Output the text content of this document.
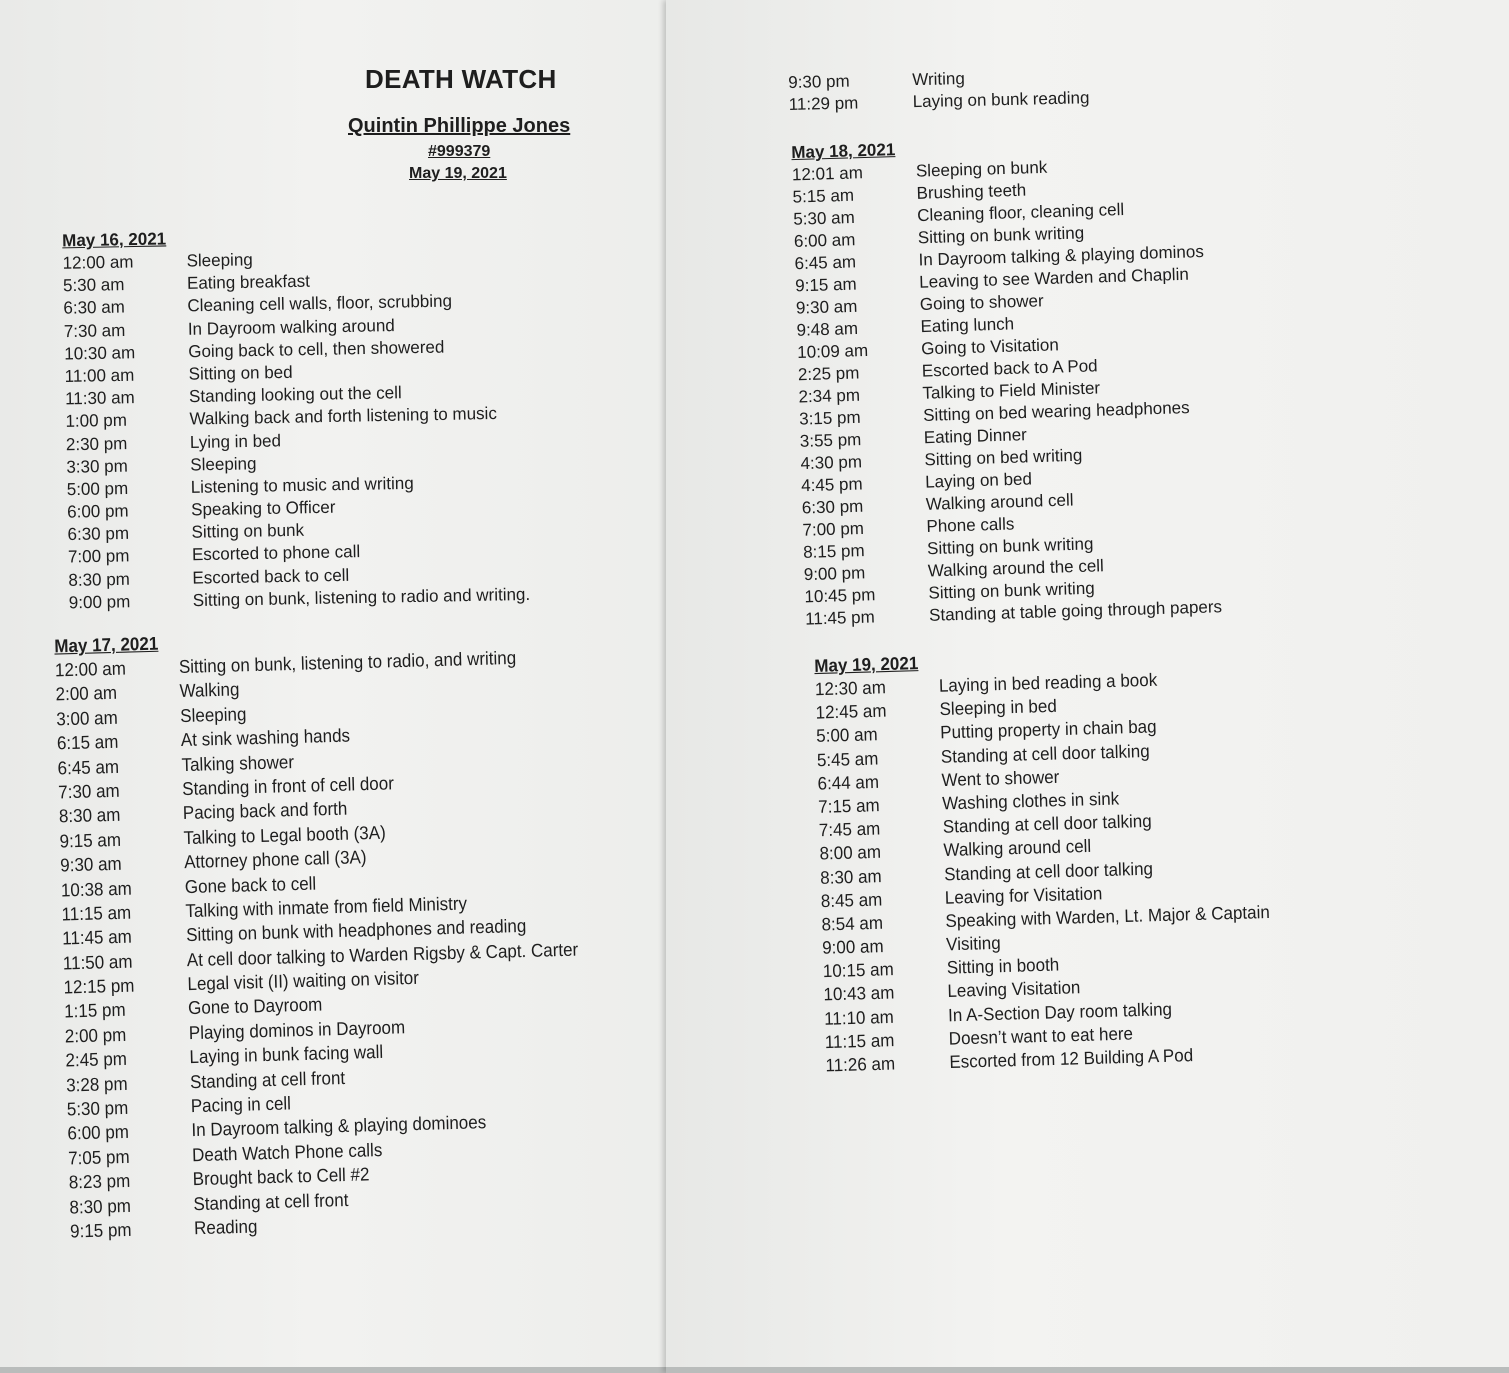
DEATH WATCH
Quintin Phillippe Jones
#999379
May 19, 2021
May 16, 2021
12:00 am	Sleeping
5:30 am	Eating breakfast
6:30 am	Cleaning cell walls, floor, scrubbing
7:30 am	In Dayroom walking around
10:30 am	Going back to cell, then showered
11:00 am	Sitting on bed
11:30 am	Standing looking out the cell
1:00 pm	Walking back and forth listening to music
2:30 pm	Lying in bed
3:30 pm	Sleeping
5:00 pm	Listening to music and writing
6:00 pm	Speaking to Officer
6:30 pm	Sitting on bunk
7:00 pm	Escorted to phone call
8:30 pm	Escorted back to cell
9:00 pm	Sitting on bunk, listening to radio and writing.
May 17, 2021
12:00 am	Sitting on bunk, listening to radio, and writing
2:00 am	Walking
3:00 am	Sleeping
6:15 am	At sink washing hands
6:45 am	Talking shower
7:30 am	Standing in front of cell door
8:30 am	Pacing back and forth
9:15 am	Talking to Legal booth (3A)
9:30 am	Attorney phone call (3A)
10:38 am	Gone back to cell
11:15 am	Talking with inmate from field Ministry
11:45 am	Sitting on bunk with headphones and reading
11:50 am	At cell door talking to Warden Rigsby & Capt. Carter
12:15 pm	Legal visit (II) waiting on visitor
1:15 pm	Gone to Dayroom
2:00 pm	Playing dominos in Dayroom
2:45 pm	Laying in bunk facing wall
3:28 pm	Standing at cell front
5:30 pm	Pacing in cell
6:00 pm	In Dayroom talking & playing dominoes
7:05 pm	Death Watch Phone calls
8:23 pm	Brought back to Cell #2
8:30 pm	Standing at cell front
9:15 pm	Reading
9:30 pm	Writing
11:29 pm	Laying on bunk reading
May 18, 2021
12:01 am	Sleeping on bunk
5:15 am	Brushing teeth
5:30 am	Cleaning floor, cleaning cell
6:00 am	Sitting on bunk writing
6:45 am	In Dayroom talking & playing dominos
9:15 am	Leaving to see Warden and Chaplin
9:30 am	Going to shower
9:48 am	Eating lunch
10:09 am	Going to Visitation
2:25 pm	Escorted back to A Pod
2:34 pm	Talking to Field Minister
3:15 pm	Sitting on bed wearing headphones
3:55 pm	Eating Dinner
4:30 pm	Sitting on bed writing
4:45 pm	Laying on bed
6:30 pm	Walking around cell
7:00 pm	Phone calls
8:15 pm	Sitting on bunk writing
9:00 pm	Walking around the cell
10:45 pm	Sitting on bunk writing
11:45 pm	Standing at table going through papers
May 19, 2021
12:30 am	Laying in bed reading a book
12:45 am	Sleeping in bed
5:00 am	Putting property in chain bag
5:45 am	Standing at cell door talking
6:44 am	Went to shower
7:15 am	Washing clothes in sink
7:45 am	Standing at cell door talking
8:00 am	Walking around cell
8:30 am	Standing at cell door talking
8:45 am	Leaving for Visitation
8:54 am	Speaking with Warden, Lt. Major & Captain
9:00 am	Visiting
10:15 am	Sitting in booth
10:43 am	Leaving Visitation
11:10 am	In A-Section Day room talking
11:15 am	Doesn’t want to eat here
11:26 am	Escorted from 12 Building A Pod
